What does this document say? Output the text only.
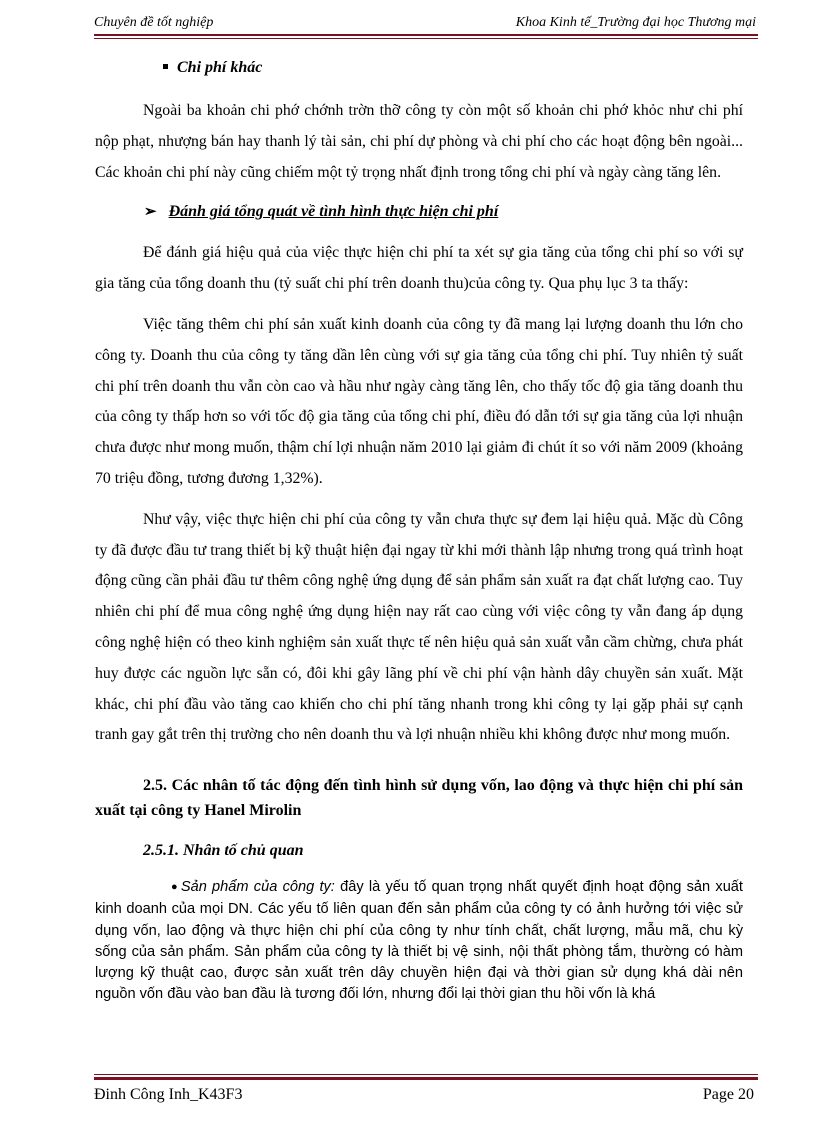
Chuyên đề tốt nghiệp	Khoa Kinh tế_Trường đại học Thương mại
Chi phí khác

Ngoài ba khoản chi phớ chớnh trờn thỡ công ty còn một số khoản chi phớ khỏc như chi phí nộp phạt, nhượng bán hay thanh lý tài sản, chi phí dự phòng và chi phí cho các hoạt động bên ngoài... Các khoản chi phí này cũng chiếm một tỷ trọng nhất định trong tổng chi phí và ngày càng tăng lên.

➢ Đánh giá tổng quát về tình hình thực hiện chi phí

Để đánh giá hiệu quả của việc thực hiện chi phí ta xét sự gia tăng của tổng chi phí so với sự gia tăng của tổng doanh thu (tỷ suất chi phí trên doanh thu)của công ty. Qua phụ lục 3 ta thấy:

Việc tăng thêm chi phí sản xuất kinh doanh của công ty đã mang lại lượng doanh thu lớn cho công ty. Doanh thu của công ty tăng dần lên cùng với sự gia tăng của tổng chi phí. Tuy nhiên tỷ suất chi phí trên doanh thu vẫn còn cao và hầu như ngày càng tăng lên, cho thấy tốc độ gia tăng doanh thu của công ty thấp hơn so với tốc độ gia tăng của tổng chi phí, điều đó dẫn tới sự gia tăng của lợi nhuận chưa được như mong muốn, thậm chí lợi nhuận năm 2010 lại giảm đi chút ít so với năm 2009 (khoảng 70 triệu đồng, tương đương 1,32%).

Như vậy, việc thực hiện chi phí của công ty vẫn chưa thực sự đem lại hiệu quả. Mặc dù Công ty đã được đầu tư trang thiết bị kỹ thuật hiện đại ngay từ khi mới thành lập nhưng trong quá trình hoạt động cũng cần phải đầu tư thêm công nghệ ứng dụng để sản phẩm sản xuất ra đạt chất lượng cao. Tuy nhiên chi phí để mua công nghệ ứng dụng hiện nay rất cao cùng với việc công ty vẫn đang áp dụng công nghệ hiện có theo kinh nghiệm sản xuất thực tế nên hiệu quả sản xuất vẫn cầm chừng, chưa phát huy được các nguồn lực sẵn có, đôi khi gây lãng phí về chi phí vận hành dây chuyền sản xuất. Mặt khác, chi phí đầu vào tăng cao khiến cho chi phí tăng nhanh trong khi công ty lại gặp phải sự cạnh tranh gay gắt trên thị trường cho nên doanh thu và lợi nhuận nhiều khi không được như mong muốn.

2.5. Các nhân tố tác động đến tình hình sử dụng vốn, lao động và thực hiện chi phí sản xuất tại công ty Hanel Mirolin
2.5.1. Nhân tố chủ quan

● Sản phẩm của công ty: đây là yếu tố quan trọng nhất quyết định hoạt động sản xuất kinh doanh của mọi DN. Các yếu tố liên quan đến sản phẩm của công ty có ảnh hưởng tới việc sử dụng vốn, lao động và thực hiện chi phí của công ty như tính chất, chất lượng, mẫu mã, chu kỳ sống của sản phẩm. Sản phẩm của công ty là thiết bị vệ sinh, nội thất phòng tắm, thường có hàm lượng kỹ thuật cao, được sản xuất trên dây chuyền hiện đại và thời gian sử dụng khá dài nên nguồn vốn đầu vào ban đầu là tương đối lớn, nhưng đổi lại thời gian thu hồi vốn là khá

Đinh Công Inh_K43F3	Page 20
